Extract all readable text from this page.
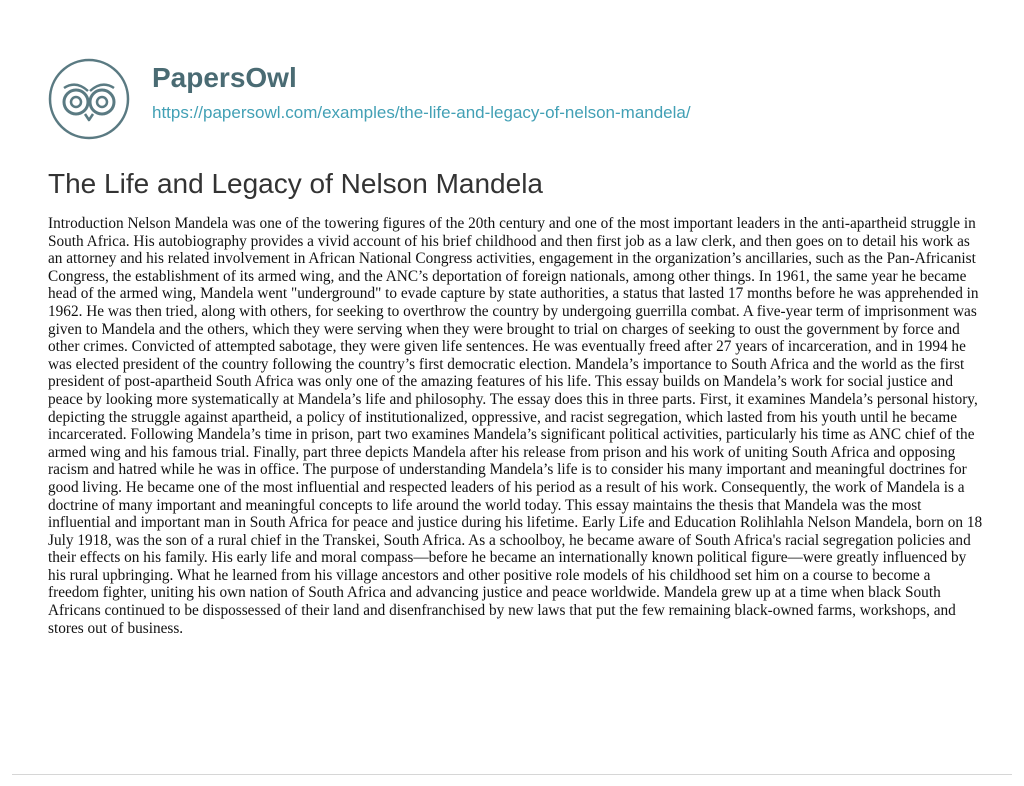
PapersOwl
https://papersowl.com/examples/the-life-and-legacy-of-nelson-mandela/
The Life and Legacy of Nelson Mandela

Introduction Nelson Mandela was one of the towering figures of the 20th century and one of the most important leaders in the anti-apartheid struggle in South Africa. His autobiography provides a vivid account of his brief childhood and then first job as a law clerk, and then goes on to detail his work as an attorney and his related involvement in African National Congress activities, engagement in the organization’s ancillaries, such as the Pan-Africanist Congress, the establishment of its armed wing, and the ANC’s deportation of foreign nationals, among other things. In 1961, the same year he became head of the armed wing, Mandela went "underground" to evade capture by state authorities, a status that lasted 17 months before he was apprehended in 1962. He was then tried, along with others, for seeking to overthrow the country by undergoing guerrilla combat. A five-year term of imprisonment was given to Mandela and the others, which they were serving when they were brought to trial on charges of seeking to oust the government by force and other crimes. Convicted of attempted sabotage, they were given life sentences. He was eventually freed after 27 years of incarceration, and in 1994 he was elected president of the country following the country’s first democratic election. Mandela’s importance to South Africa and the world as the first president of post-apartheid South Africa was only one of the amazing features of his life. This essay builds on Mandela’s work for social justice and peace by looking more systematically at Mandela’s life and philosophy. The essay does this in three parts. First, it examines Mandela’s personal history, depicting the struggle against apartheid, a policy of institutionalized, oppressive, and racist segregation, which lasted from his youth until he became incarcerated. Following Mandela’s time in prison, part two examines Mandela’s significant political activities, particularly his time as ANC chief of the armed wing and his famous trial. Finally, part three depicts Mandela after his release from prison and his work of uniting South Africa and opposing racism and hatred while he was in office. The purpose of understanding Mandela’s life is to consider his many important and meaningful doctrines for good living. He became one of the most influential and respected leaders of his period as a result of his work. Consequently, the work of Mandela is a doctrine of many important and meaningful concepts to life around the world today. This essay maintains the thesis that Mandela was the most influential and important man in South Africa for peace and justice during his lifetime. Early Life and Education Rolihlahla Nelson Mandela, born on 18 July 1918, was the son of a rural chief in the Transkei, South Africa. As a schoolboy, he became aware of South Africa's racial segregation policies and their effects on his family. His early life and moral compass—before he became an internationally known political figure—were greatly influenced by his rural upbringing. What he learned from his village ancestors and other positive role models of his childhood set him on a course to become a freedom fighter, uniting his own nation of South Africa and advancing justice and peace worldwide. Mandela grew up at a time when black South Africans continued to be dispossessed of their land and disenfranchised by new laws that put the few remaining black-owned farms, workshops, and stores out of business.
